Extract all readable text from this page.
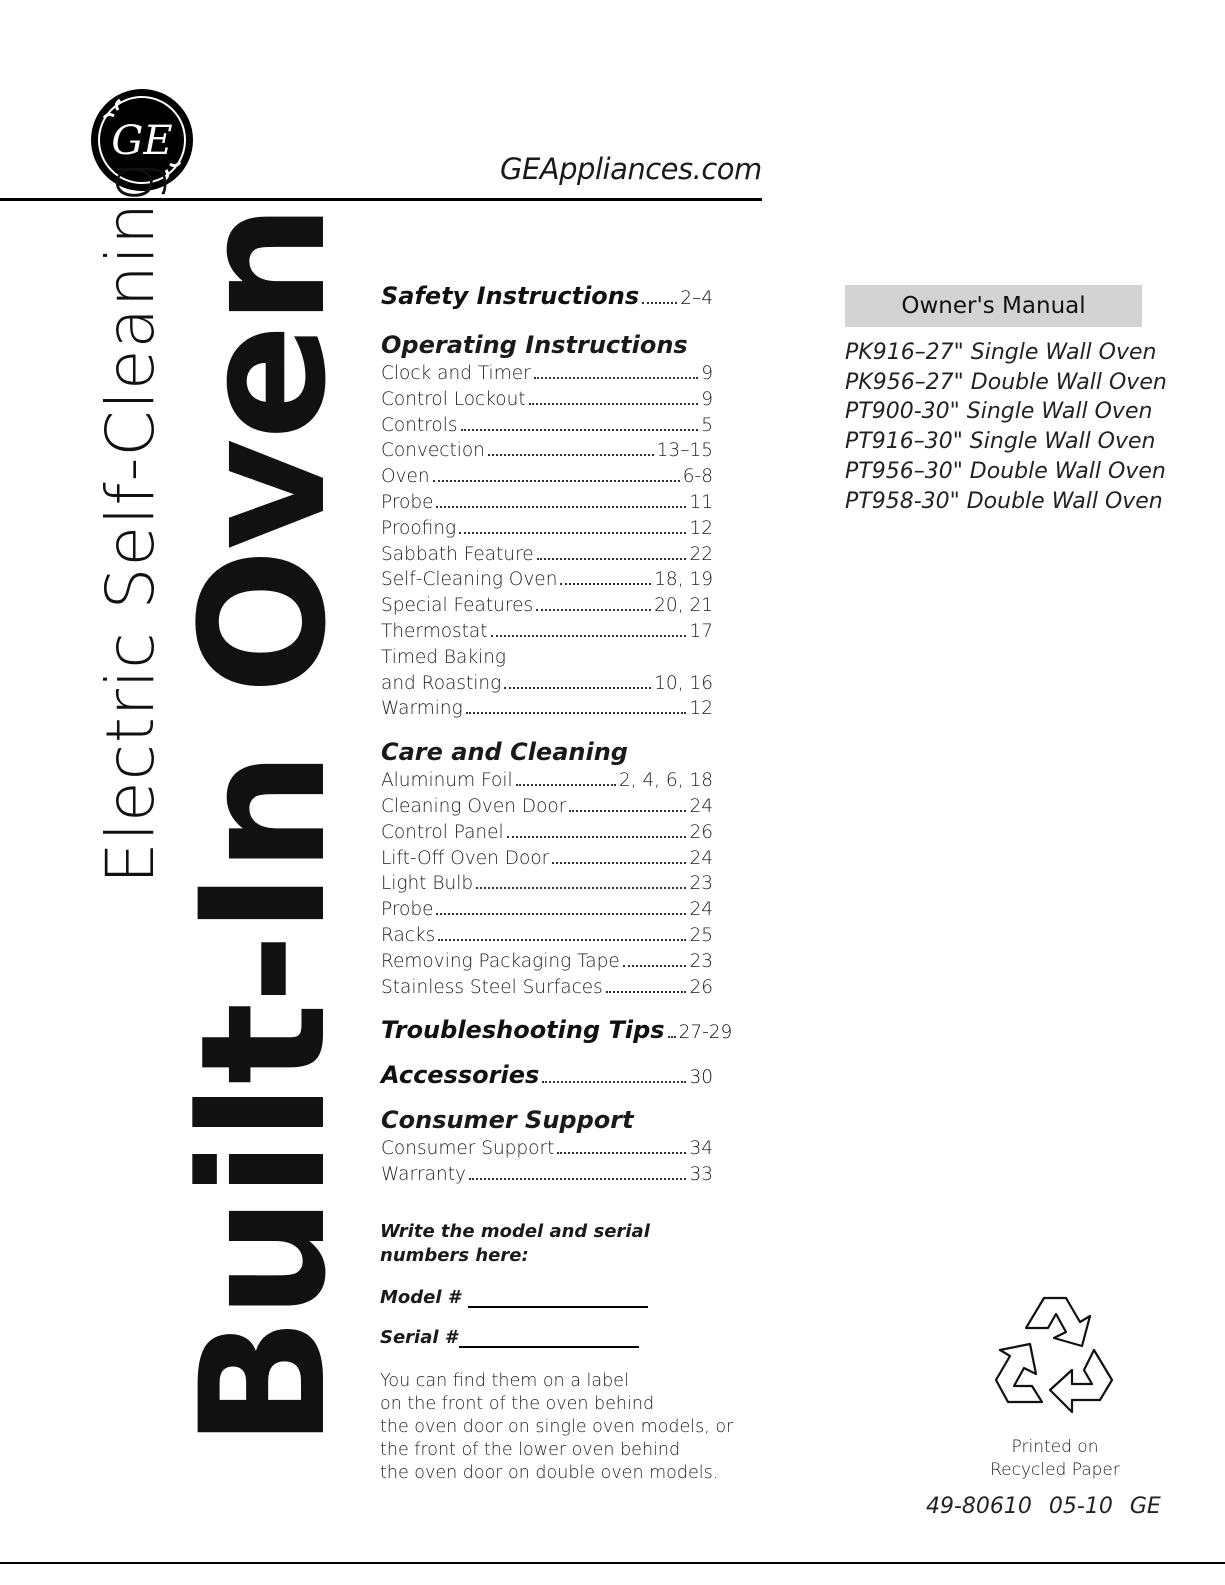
GE
GEAppliances.com
Electric Self-Cleaning
Built-In Oven Safety Instructions 2–4
Operating Instructions
Clock and Timer	9
Control Lockout	9
Controls	5
Convection	13–15
Oven	6-8
Probe	11
Proofing	12
Sabbath Feature	22
Self-Cleaning Oven	18, 19
Special Features	20, 21
Thermostat	17
Timed Baking
and Roasting	10, 16
Warming	12
Care and Cleaning
Aluminum Foil	2, 4, 6, 18
Cleaning Oven Door	24
Control Panel	26
Lift-Off Oven Door	24
Light Bulb	23
Probe	24
Racks	25
Removing Packaging Tape	23
Stainless Steel Surfaces	26
Troubleshooting Tips 27-29
Accessories	30
Consumer Support
Consumer Support	34
Warranty	33
Write the model and serial
numbers here:
Model #
Serial #
You can find them on a label
on the front of the oven behind
the oven door on single oven models, or
the front of the lower oven behind
the oven door on double oven models.
Owner's Manual
PK916–27" Single Wall Oven
PK956–27" Double Wall Oven
PT900-30" Single Wall Oven
PT916–30" Single Wall Oven
PT956–30" Double Wall Oven
PT958-30" Double Wall Oven
Printed on
Recycled Paper
49-80610 05-10 GE
